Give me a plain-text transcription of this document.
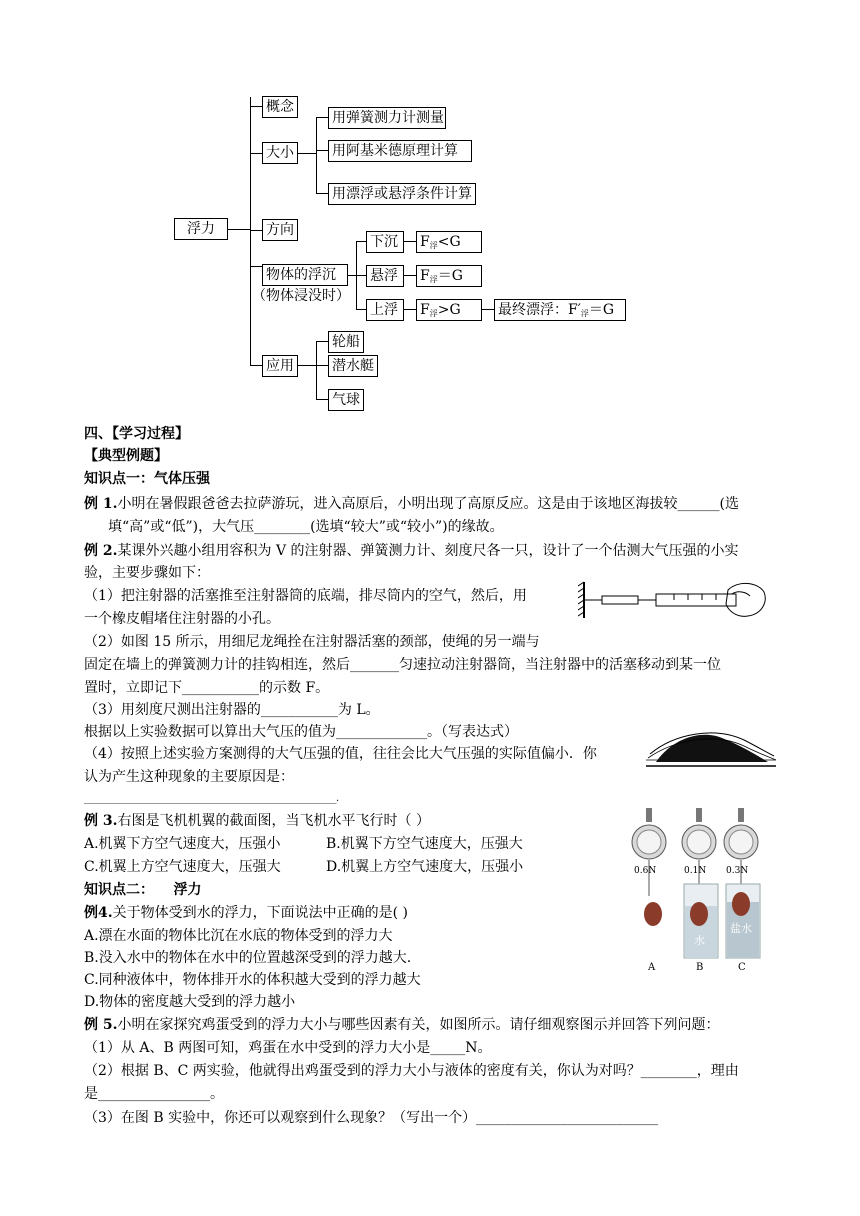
浮力
概念
大小
方向
物体的浮沉
（物体浸没时）
应用
用弹簧测力计测量
用阿基米德原理计算
用漂浮或悬浮条件计算
下沉
悬浮
上浮
$F_浮<G$
$F_浮=G$
$F_浮>G$	最终漂浮：$F'_浮=G$
轮船
潜水艇
气球
四、【学习过程】
【典型例题】
知识点一：气体压强
例 1.小明在暑假跟爸爸去拉萨游玩，进入高原后，小明出现了高原反应。这是由于该地区海拔较______(选
填“高”或“低”)，大气压________(选填“较大”或“较小”)的缘故。
例 2.某课外兴趣小组用容积为 V 的注射器、弹簧测力计、刻度尺各一只，设计了一个估测大气压强的小实
验，主要步骤如下：
（1）把注射器的活塞推至注射器筒的底端，排尽筒内的空气，然后，用
一个橡皮帽堵住注射器的小孔。
（2）如图 15 所示，用细尼龙绳拴在注射器活塞的颈部，使绳的另一端与
固定在墙上的弹簧测力计的挂钩相连，然后_______匀速拉动注射器筒，当注射器中的活塞移动到某一位
置时，立即记下___________的示数 F。
（3）用刻度尺测出注射器的___________为 L。
根据以上实验数据可以算出大气压的值为_____________。（写表达式）
（4）按照上述实验方案测得的大气压强的值，往往会比大气压强的实际值偏小．你
认为产生这种现象的主要原因是：
________________________________________________________.
例 3.右图是飞机机翼的截面图，当飞机水平飞行时（ ）
A.机翼下方空气速度大，压强小	B.机翼下方空气速度大，压强大
C.机翼上方空气速度大，压强大	D.机翼上方空气速度大，压强小
知识点二：    浮力
例4.关于物体受到水的浮力，下面说法中正确的是( )
A.漂在水面的物体比沉在水底的物体受到的浮力大
B.没入水中的物体在水中的位置越深受到的浮力越大.
C.同种液体中，物体排开水的体积越大受到的浮力越大
D.物体的密度越大受到的浮力越小
例 5.小明在家探究鸡蛋受到的浮力大小与哪些因素有关，如图所示。请仔细观察图示并回答下列问题：
（1）从 A、B 两图可知，鸡蛋在水中受到的浮力大小是_____N。
（2）根据 B、C 两实验，他就得出鸡蛋受到的浮力大小与液体的密度有关，你认为对吗？________，理由
是________________。
（3）在图 B 实验中，你还可以观察到什么现象？（写出一个）__________________________
0.6N	0.1N 0.3N
水
盐水
A	B	C
